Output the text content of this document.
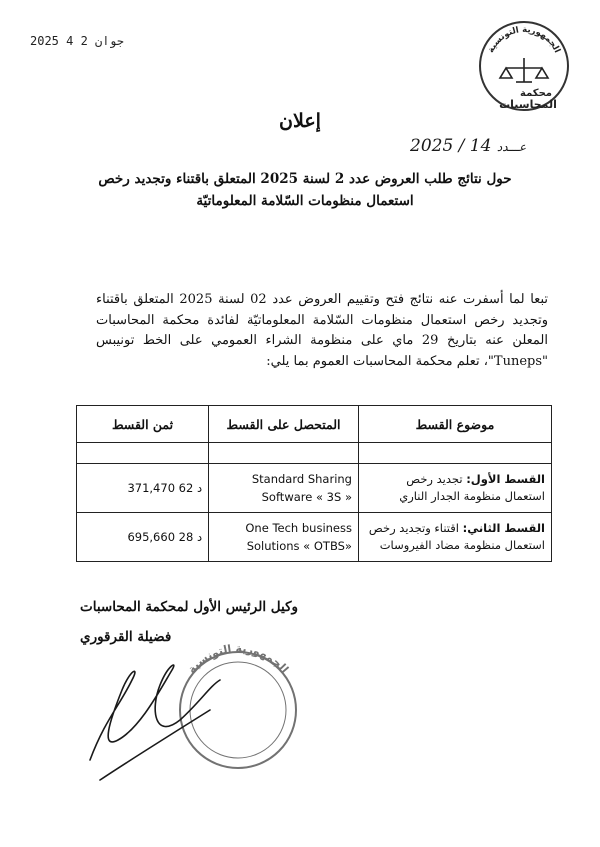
2025 جوان 2 4
الجمهورية التونسية
محكمة
المحاسبات
إعلان
2025 / 14 عـــدد
حول نتائج طلب العروض عدد 2 لسنة 2025 المتعلق باقتناء وتجديد رخص
استعمال منظومات السّلامة المعلوماتيّة
تبعا لما أسفرت عنه نتائج فتح وتقييم العروض عدد 02 لسنة 2025 المتعلق باقتناء وتجديد رخص استعمال منظومات السّلامة المعلوماتيّة لفائدة محكمة المحاسبات المعلن عنه بتاريخ 29 ماي على منظومة الشراء العمومي على الخط تونيبس "Tuneps"، تعلم محكمة المحاسبات العموم بما يلي:
موضوع القسط	المتحصل على القسط	ثمن القسط

القسط الأول: تجديد رخص استعمال منظومة الجدار الناري	Standard Sharing Software « 3S »	د 62 371,470
القسط الثاني: اقتناء وتجديد رخص استعمال منظومة مضاد الفيروسات	One Tech business Solutions « OTBS»	د 28 695,660
وكيل الرئيس الأول لمحكمة المحاسبات
فضيلة القرقوري
الجمهورية التونسية
